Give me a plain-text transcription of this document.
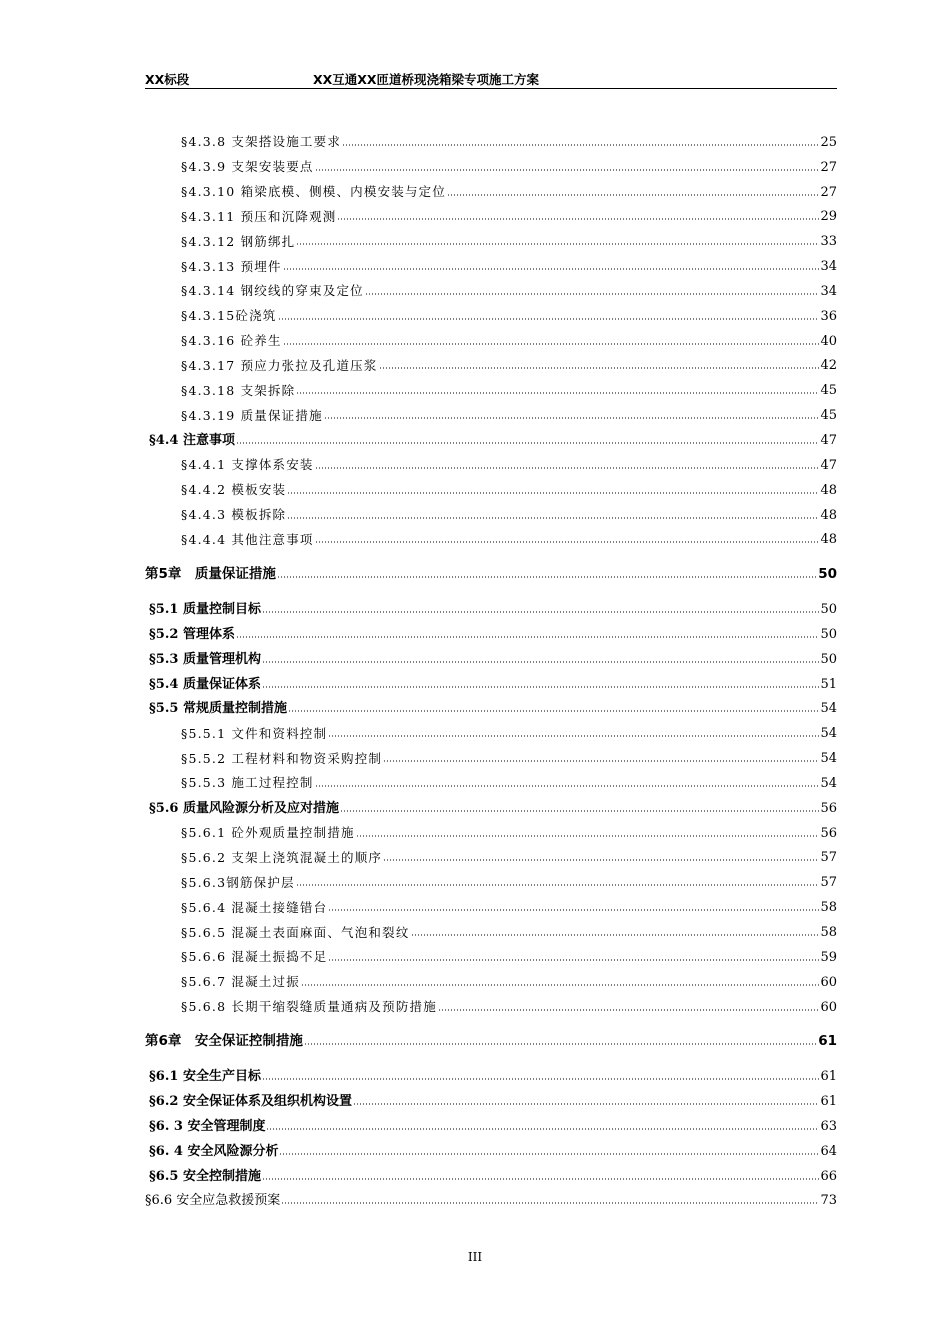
XX标段	XX互通XX匝道桥现浇箱梁专项施工方案
§4.3.8 支架搭设施工要求	25
§4.3.9 支架安装要点	27
§4.3.10 箱梁底模、侧模、内模安装与定位	27
§4.3.11 预压和沉降观测	29
§4.3.12 钢筋绑扎	33
§4.3.13 预埋件	34
§4.3.14 钢绞线的穿束及定位	34
§4.3.15砼浇筑	36
§4.3.16 砼养生	40
§4.3.17 预应力张拉及孔道压浆	42
§4.3.18 支架拆除	45
§4.3.19 质量保证措施	45
§4.4 注意事项	47
§4.4.1 支撑体系安装	47
§4.4.2 模板安装	48
§4.4.3 模板拆除	48
§4.4.4 其他注意事项	48
第5章　质量保证措施	50
§5.1 质量控制目标	50
§5.2 管理体系	50
§5.3 质量管理机构	50
§5.4 质量保证体系	51
§5.5 常规质量控制措施	54
§5.5.1 文件和资料控制	54
§5.5.2 工程材料和物资采购控制	54
§5.5.3 施工过程控制	54
§5.6 质量风险源分析及应对措施	56
§5.6.1 砼外观质量控制措施	56
§5.6.2 支架上浇筑混凝土的顺序	57
§5.6.3钢筋保护层	57
§5.6.4 混凝土接缝错台	58
§5.6.5 混凝土表面麻面、气泡和裂纹	58
§5.6.6 混凝土振捣不足	59
§5.6.7 混凝土过振	60
§5.6.8 长期干缩裂缝质量通病及预防措施	60
第6章　安全保证控制措施	61
§6.1 安全生产目标	61
§6.2 安全保证体系及组织机构设置	61
§6. 3 安全管理制度	63
§6. 4 安全风险源分析	64
§6.5 安全控制措施	66
§6.6 安全应急救援预案	73
III
